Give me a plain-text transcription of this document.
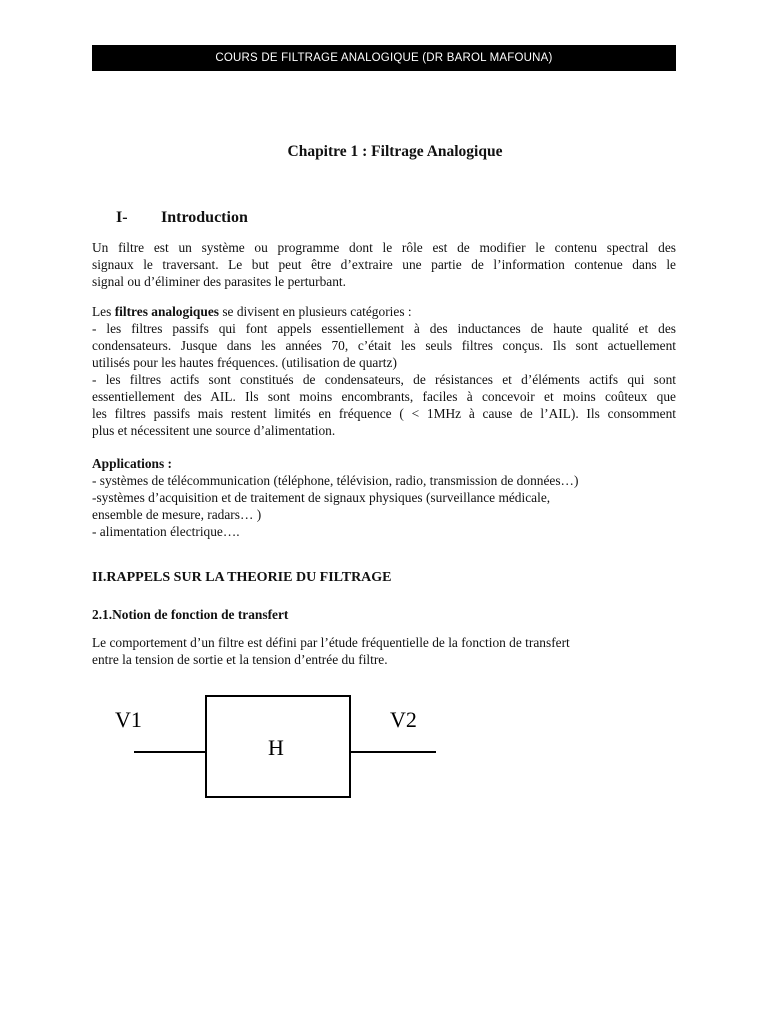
COURS DE FILTRAGE ANALOGIQUE (DR BAROL MAFOUNA)
Chapitre 1 : Filtrage Analogique
I- Introduction

Un filtre est un système ou programme dont le rôle est de modifier le contenu spectral des
signaux le traversant. Le but peut être d’extraire une partie de l’information contenue dans le
signal ou d’éliminer des parasites le perturbant.

Les filtres analogiques se divisent en plusieurs catégories :
- les filtres passifs qui font appels essentiellement à des inductances de haute qualité et des
condensateurs. Jusque dans les années 70, c’était les seuls filtres conçus. Ils sont actuellement
utilisés pour les hautes fréquences. (utilisation de quartz)
- les filtres actifs sont constitués de condensateurs, de résistances et d’éléments actifs qui sont
essentiellement des AIL. Ils sont moins encombrants, faciles à concevoir et moins coûteux que
les filtres passifs mais restent limités en fréquence ( < 1MHz à cause de l’AIL). Ils consomment
plus et nécessitent une source d’alimentation.

Applications :
- systèmes de télécommunication (téléphone, télévision, radio, transmission de données…)
-systèmes d’acquisition et de traitement de signaux physiques (surveillance médicale,
ensemble de mesure, radars… )
- alimentation électrique….

II.RAPPELS SUR LA THEORIE DU FILTRAGE
2.1.Notion de fonction de transfert

Le comportement d’un filtre est défini par l’étude fréquentielle de la fonction de transfert
entre la tension de sortie et la tension d’entrée du filtre.

V1
H
V2
